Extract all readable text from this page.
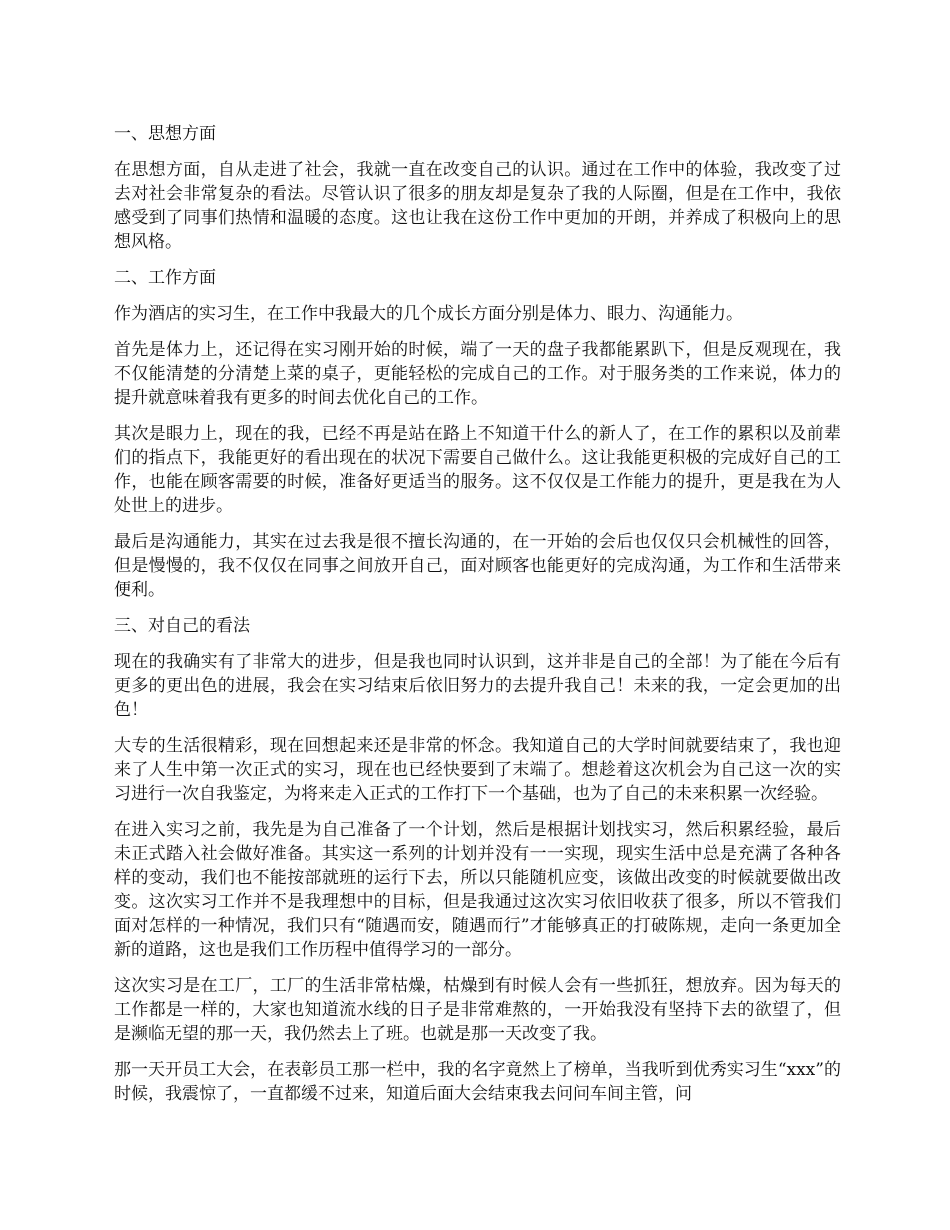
一、思想方面
在思想方面，自从走进了社会，我就一直在改变自己的认识。通过在工作中的体验，我改变了过去对社会非常复杂的看法。尽管认识了很多的朋友却是复杂了我的人际圈，但是在工作中，我依感受到了同事们热情和温暖的态度。这也让我在这份工作中更加的开朗，并养成了积极向上的思想风格。
二、工作方面
作为酒店的实习生，在工作中我最大的几个成长方面分别是体力、眼力、沟通能力。
首先是体力上，还记得在实习刚开始的时候，端了一天的盘子我都能累趴下，但是反观现在，我不仅能清楚的分清楚上菜的桌子，更能轻松的完成自己的工作。对于服务类的工作来说，体力的提升就意味着我有更多的时间去优化自己的工作。
其次是眼力上，现在的我，已经不再是站在路上不知道干什么的新人了，在工作的累积以及前辈们的指点下，我能更好的看出现在的状况下需要自己做什么。这让我能更积极的完成好自己的工作，也能在顾客需要的时候，准备好更适当的服务。这不仅仅是工作能力的提升，更是我在为人处世上的进步。
最后是沟通能力，其实在过去我是很不擅长沟通的，在一开始的会后也仅仅只会机械性的回答，但是慢慢的，我不仅仅在同事之间放开自己，面对顾客也能更好的完成沟通，为工作和生活带来便利。
三、对自己的看法
现在的我确实有了非常大的进步，但是我也同时认识到，这并非是自己的全部！为了能在今后有更多的更出色的进展，我会在实习结束后依旧努力的去提升我自己！未来的我，一定会更加的出色！
大专的生活很精彩，现在回想起来还是非常的怀念。我知道自己的大学时间就要结束了，我也迎来了人生中第一次正式的实习，现在也已经快要到了末端了。想趁着这次机会为自己这一次的实习进行一次自我鉴定，为将来走入正式的工作打下一个基础，也为了自己的未来积累一次经验。
在进入实习之前，我先是为自己准备了一个计划，然后是根据计划找实习，然后积累经验，最后未正式踏入社会做好准备。其实这一系列的计划并没有一一实现，现实生活中总是充满了各种各样的变动，我们也不能按部就班的运行下去，所以只能随机应变，该做出改变的时候就要做出改变。这次实习工作并不是我理想中的目标，但是我通过这次实习依旧收获了很多，所以不管我们面对怎样的一种情况，我们只有“随遇而安，随遇而行”才能够真正的打破陈规，走向一条更加全新的道路，这也是我们工作历程中值得学习的一部分。
这次实习是在工厂，工厂的生活非常枯燥，枯燥到有时候人会有一些抓狂，想放弃。因为每天的工作都是一样的，大家也知道流水线的日子是非常难熬的，一开始我没有坚持下去的欲望了，但是濒临无望的那一天，我仍然去上了班。也就是那一天改变了我。
那一天开员工大会，在表彰员工那一栏中，我的名字竟然上了榜单，当我听到优秀实习生“xxx”的时候，我震惊了，一直都缓不过来，知道后面大会结束我去问问车间主管，问
